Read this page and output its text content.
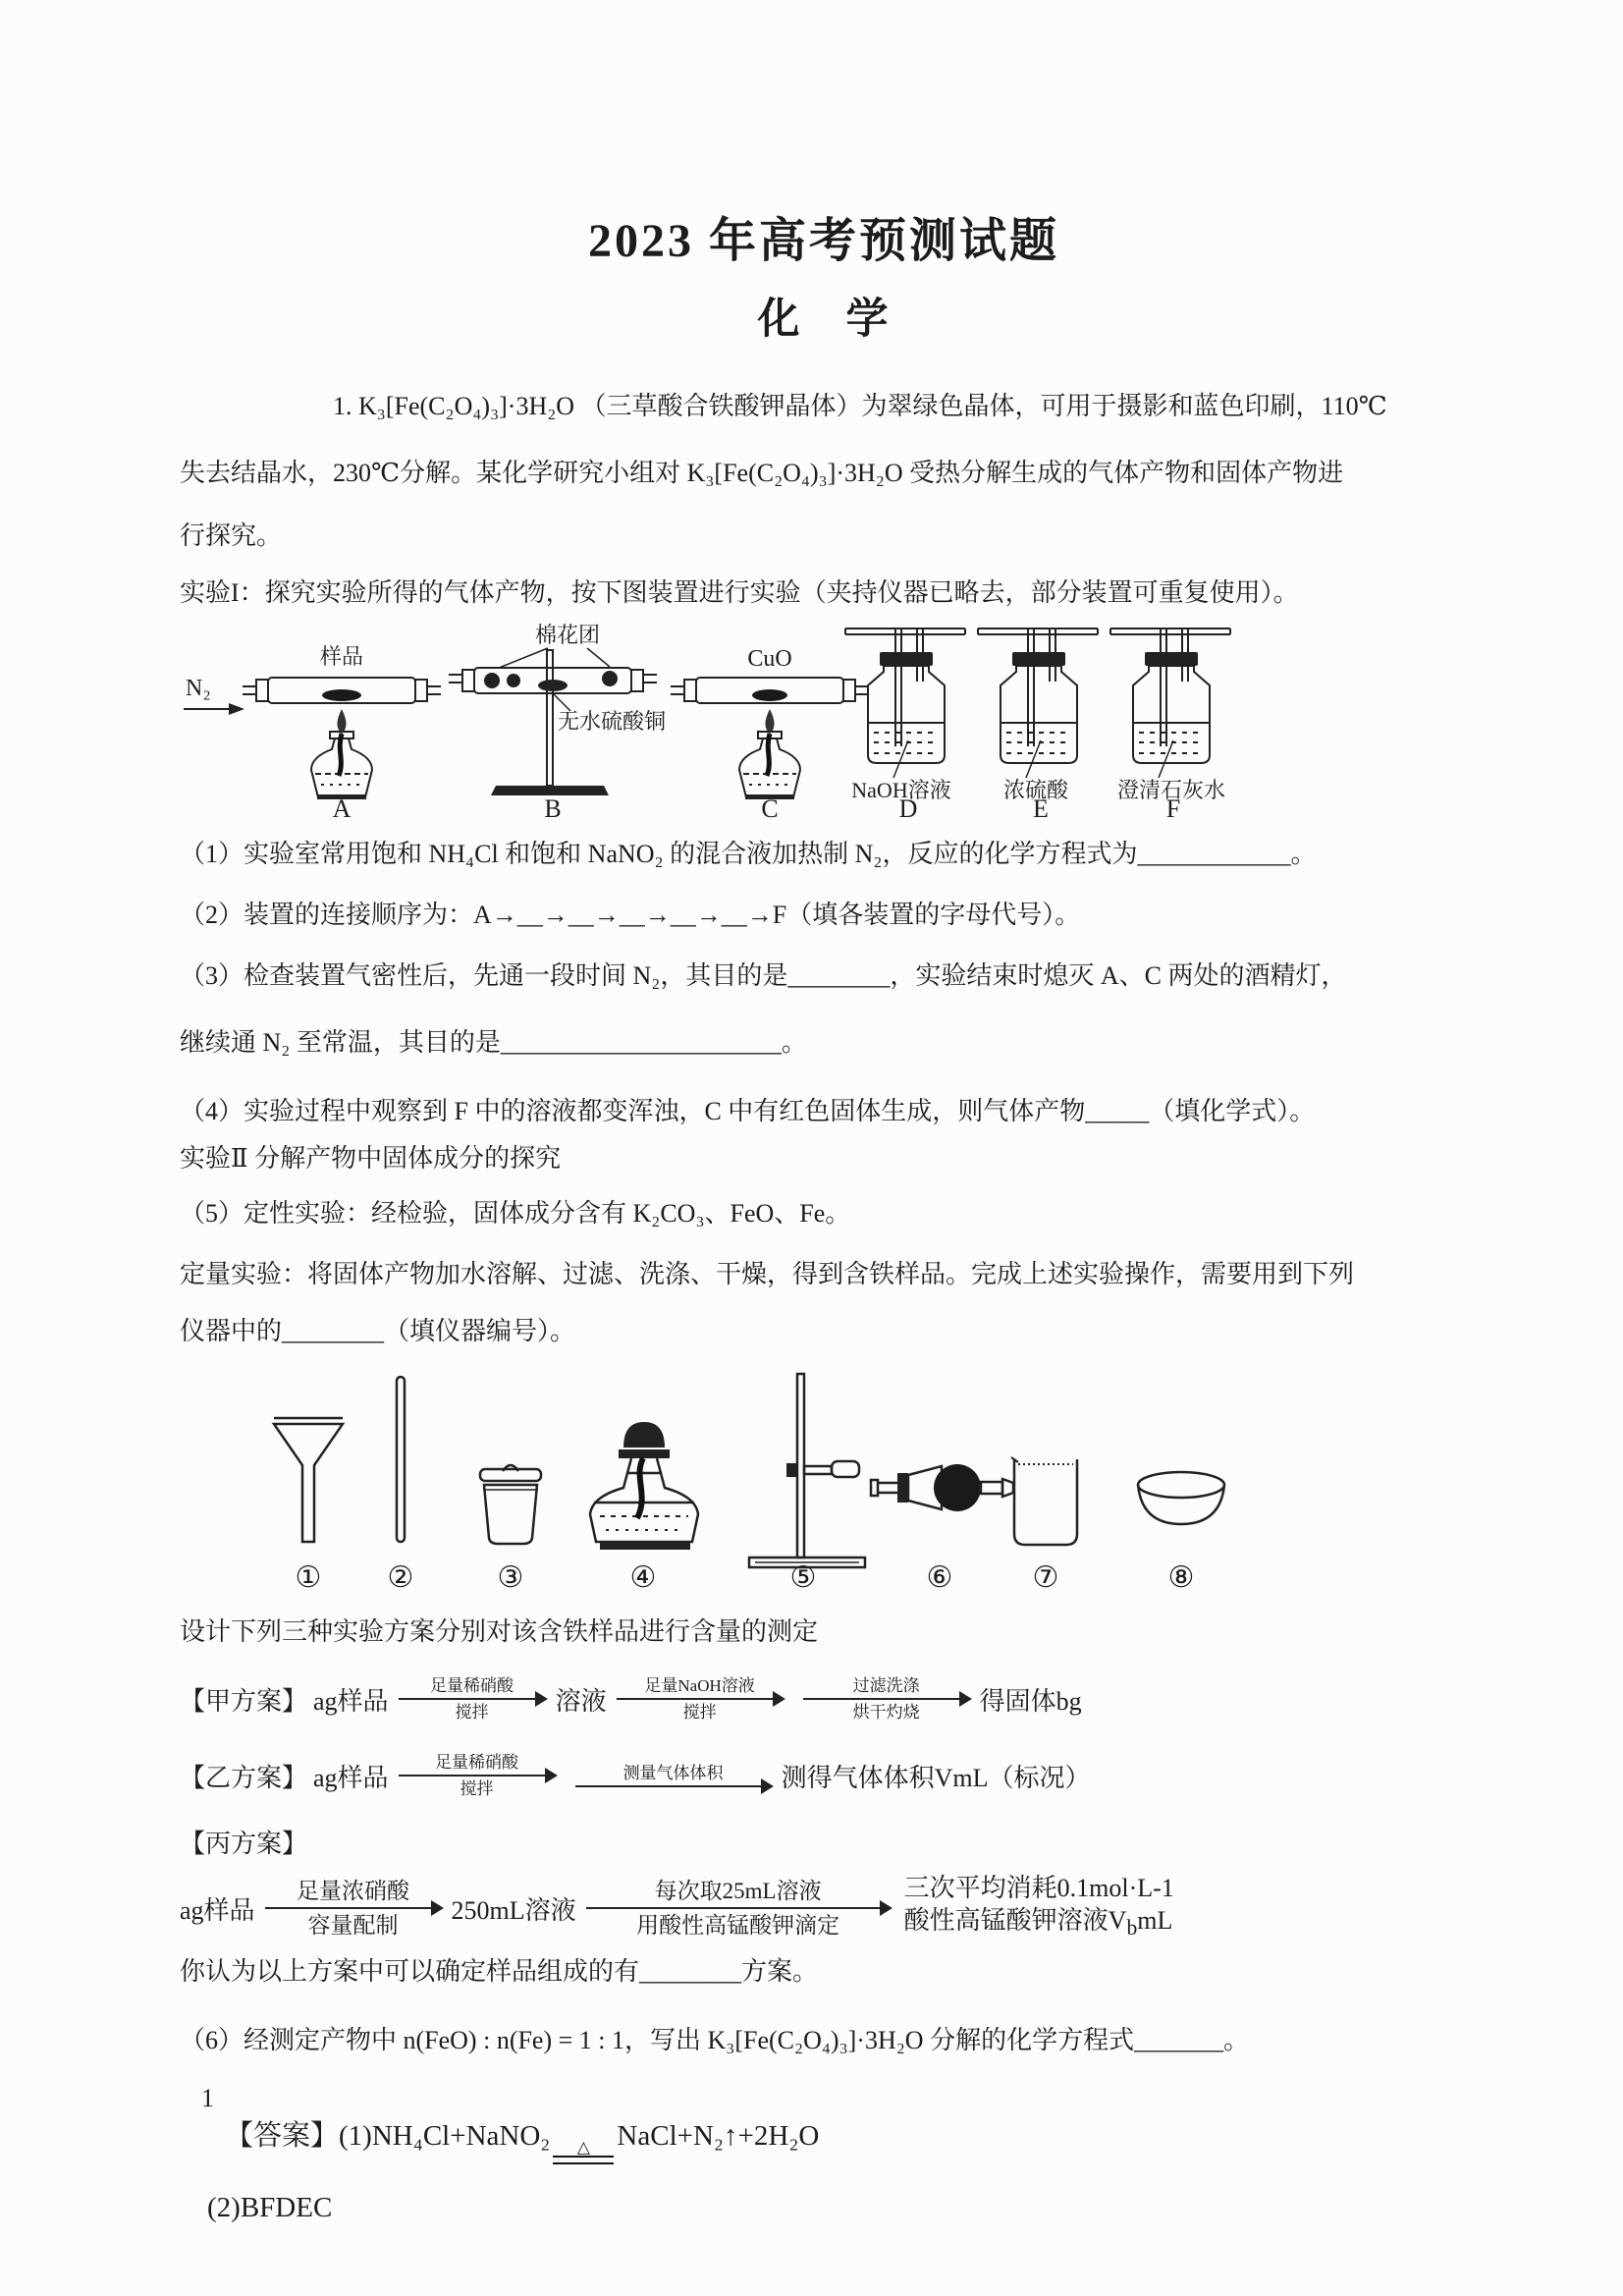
2023 年高考预测试题
化　学

1. K₃[Fe(C₂O₄)₃]·3H₂O （三草酸合铁酸钾晶体）为翠绿色晶体，可用于摄影和蓝色印刷，110℃

失去结晶水，230℃分解。某化学研究小组对 K₃[Fe(C₂O₄)₃]·3H₂O 受热分解生成的气体产物和固体产物进

行探究。

实验I：探究实验所得的气体产物，按下图装置进行实验（夹持仪器已略去，部分装置可重复使用）。

N₂
样品
A
棉花团
无水硫酸铜
B
CuO
C
NaOH溶液
D
浓硫酸
E
澄清石灰水
F

（1）实验室常用饱和 NH₄Cl 和饱和 NaNO₂ 的混合液加热制 N₂，反应的化学方程式为____________。

（2）装置的连接顺序为：A→__→__→__→__→__→F（填各装置的字母代号）。

（3）检查装置气密性后，先通一段时间 N₂，其目的是________，实验结束时熄灭 A、C 两处的酒精灯，

继续通 N₂ 至常温，其目的是______________________。

（4）实验过程中观察到 F 中的溶液都变浑浊，C 中有红色固体生成，则气体产物_____（填化学式）。

实验Ⅱ 分解产物中固体成分的探究

（5）定性实验：经检验，固体成分含有 K₂CO₃、FeO、Fe。

定量实验：将固体产物加水溶解、过滤、洗涤、干燥，得到含铁样品。完成上述实验操作，需要用到下列

仪器中的________（填仪器编号）。

① ②	③	④	⑤	⑥	⑦	⑧

设计下列三种实验方案分别对该含铁样品进行含量的测定

【甲方案】 ag样品
足量稀硝酸
搅拌	溶液
足量NaOH溶液
搅拌
过滤洗涤
烘干灼烧 得固体bg
【乙方案】 ag样品
足量稀硝酸
搅拌
测量气体体积 测得气体体积VmL（标况）

【丙方案】

ag样品
足量浓硝酸
容量配制
250mL溶液
每次取25mL溶液
用酸性高锰酸钾滴定
三次平均消耗0.1mol·L-1
酸性高锰酸钾溶液$V_bmL$

你认为以上方案中可以确定样品组成的有________方案。

（6）经测定产物中 n(FeO) : n(Fe) = 1 : 1，写出 K₃[Fe(C₂O₄)₃]·3H₂O 分解的化学方程式_______。

【答案】(1)NH₄Cl+NaNO₂ △ NaCl+N₂↑+2H₂O

(2)BFDEC

1
